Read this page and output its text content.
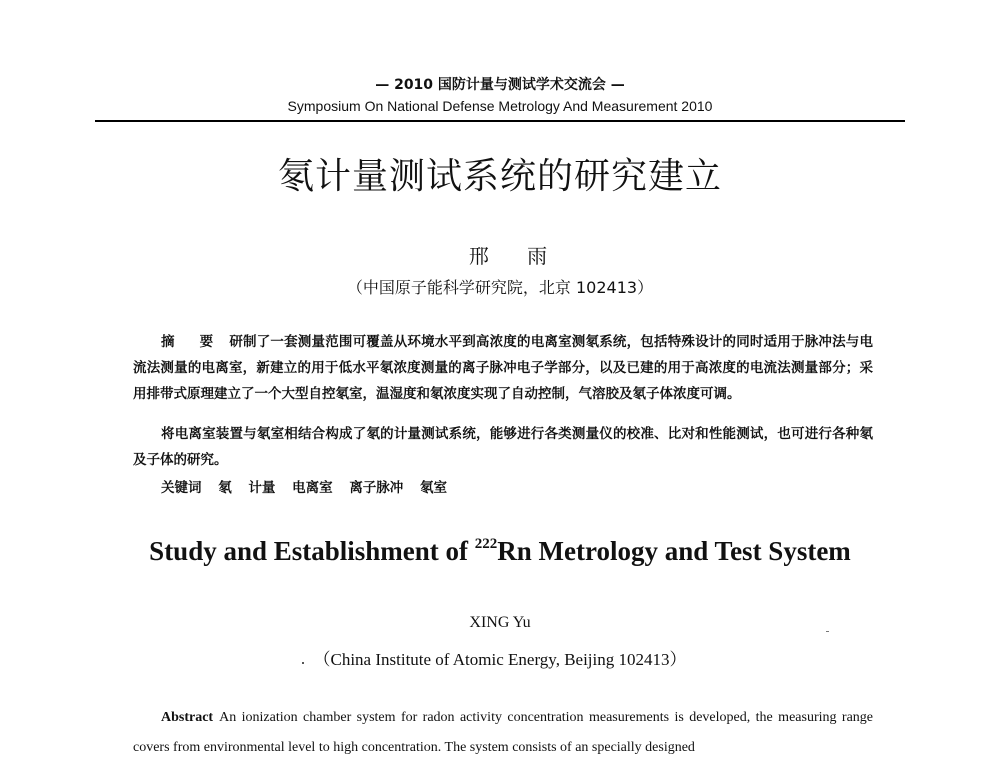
— 2010 国防计量与测试学术交流会 —
Symposium On National Defense Metrology And Measurement 2010
氡计量测试系统的研究建立
邢 雨
（中国原子能科学研究院，北京 102413）
摘 要 研制了一套测量范围可覆盖从环境水平到高浓度的电离室测氡系统，包括特殊设计的同时适用于脉冲法与电流法测量的电离室，新建立的用于低水平氡浓度测量的离子脉冲电子学部分，以及已建的用于高浓度的电流法测量部分；采用排带式原理建立了一个大型自控氡室，温湿度和氡浓度实现了自动控制，气溶胶及氡子体浓度可调。
将电离室装置与氡室相结合构成了氡的计量测试系统，能够进行各类测量仪的校准、比对和性能测试，也可进行各种氡及子体的研究。
关键词 氡 计量 电离室 离子脉冲 氡室
Study and Establishment of $^{222}$Rn Metrology and Test System
XING Yu
（China Institute of Atomic Energy, Beijing 102413）
Abstract An ionization chamber system for radon activity concentration measurements is developed, the measuring range covers from environmental level to high concentration. The system consists of an specially designed
